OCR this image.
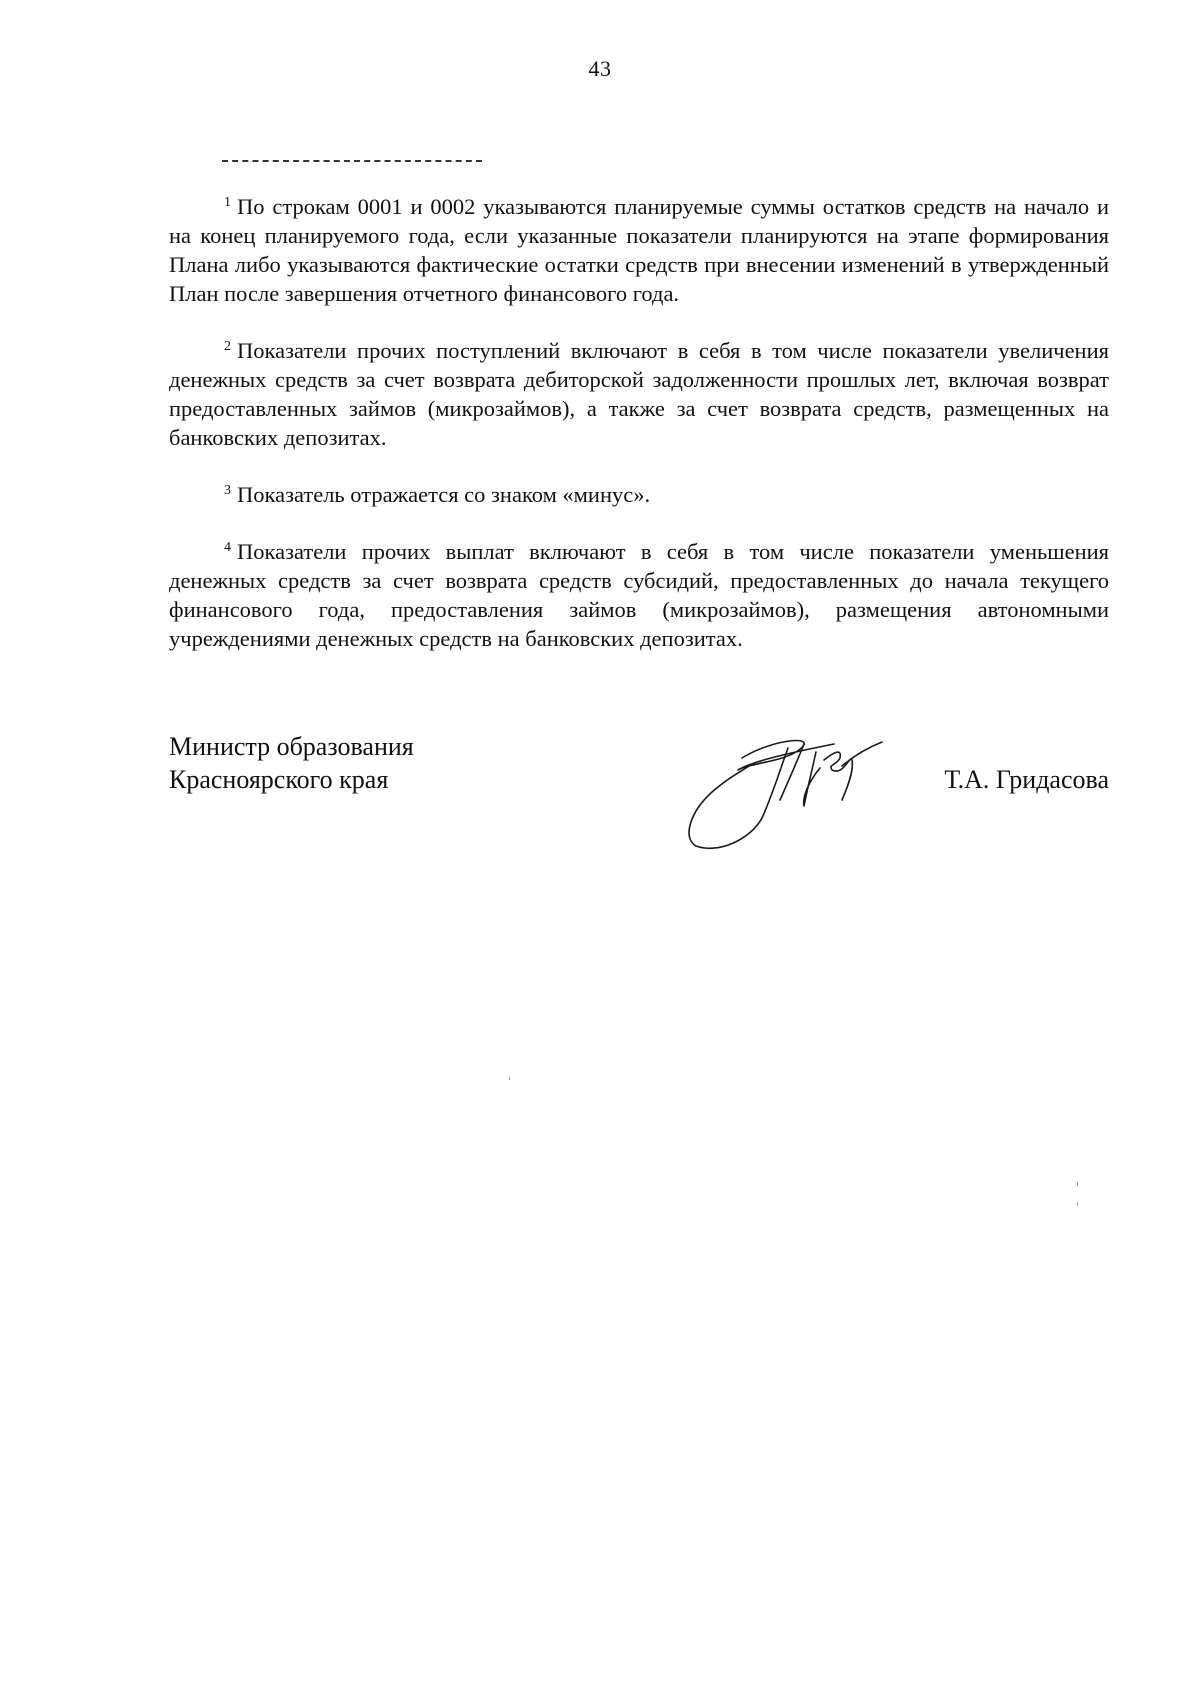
43

$^1$ По строкам 0001 и 0002 указываются планируемые суммы остатков средств на начало и на конец планируемого года, если указанные показатели планируются на этапе формирования Плана либо указываются фактические остатки средств при внесении изменений в утвержденный План после завершения отчетного финансового года.

$^2$ Показатели прочих поступлений включают в себя в том числе показатели увеличения денежных средств за счет возврата дебиторской задолженности прошлых лет, включая возврат предоставленных займов (микрозаймов), а также за счет возврата средств, размещенных на банковских депозитах.

$^3$ Показатель отражается со знаком «минус».

$^4$ Показатели прочих выплат включают в себя в том числе показатели уменьшения денежных средств за счет возврата средств субсидий, предоставленных до начала текущего финансового года, предоставления займов (микрозаймов), размещения автономными учреждениями денежных средств на банковских депозитах.

Министр образования
Красноярского края	Т.А. Гридасова
